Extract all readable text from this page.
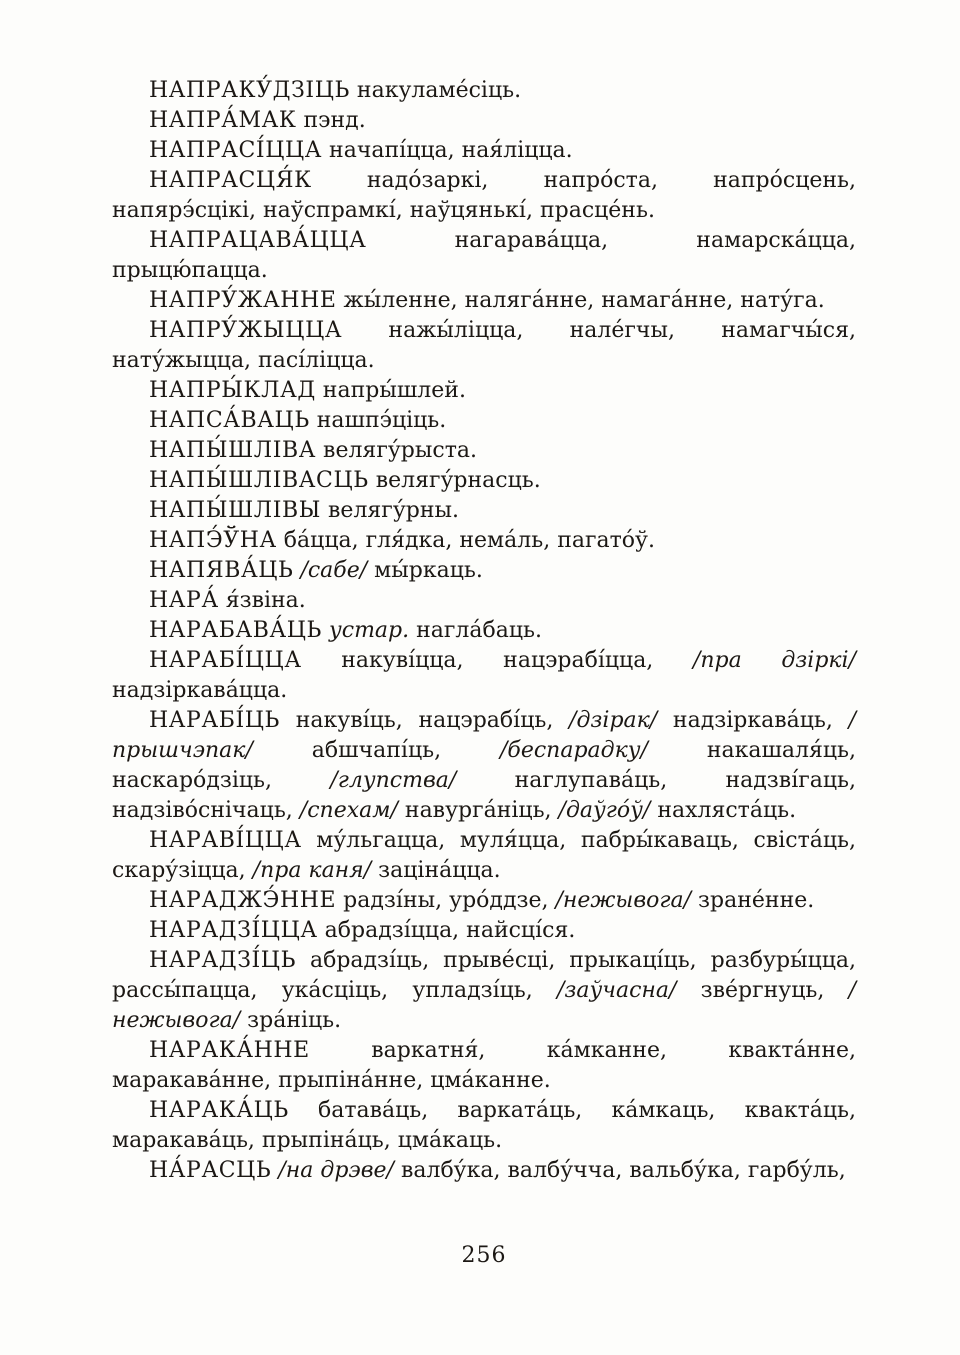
НАПРАКУ́ДЗІЦЬ накуламе́сіць.

НАПРА́МАК пэнд.

НАПРАСІ́ЦЦА начапі́цца, ная́ліцца.

НАПРАСЦЯ́К надо́заркі, напро́ста, напро́сцень, напярэ́сцікі, наўспрамкі́, наўцянькі́, прасце́нь.

НАПРАЦАВА́ЦЦА нагарава́цца, намарска́цца, прыцю́пацца.

НАПРУ́ЖАННЕ жы́ленне, наляга́нне, намага́нне, нату́га.

НАПРУ́ЖЫЦЦА нажы́ліцца, нале́гчы, намагчы́ся, нату́жыцца, пасі́ліцца.

НАПРЫ́КЛАД напры́шлей.

НАПСА́ВАЦЬ нашпэ́ціць.

НАПЫ́ШЛІВА велягу́рыста.

НАПЫ́ШЛІВАСЦЬ велягу́рнасць.

НАПЫ́ШЛІВЫ велягу́рны.

НАПЭ́ЎНА ба́цца, гля́дка, нема́ль, пагато́ў.

НАПЯВА́ЦЬ /сабе/ мы́ркаць.

НАРА́ я́звіна.

НАРАБАВА́ЦЬ устар. нагла́баць.

НАРАБІ́ЦЦА накуві́цца, нацэрабі́цца, /пра дзіркі/ надзіркава́цца.

НАРАБІ́ЦЬ накуві́ць, нацэрабі́ць, /дзірак/ надзіркава́ць, /прышчэпак/ абшчапі́ць, /беспарадку/ накашаля́ць, наскаро́дзіць, /глупства/ наглупава́ць, надзві́гаць, надзіво́снічаць, /спехам/ навурга́ніць, /даўго́ў/ нахляста́ць.

НАРАВІ́ЦЦА му́льгацца, муля́цца, пабры́каваць, свіста́ць, скару́зіцца, /пра каня/ заціна́цца.

НАРАДЖЭ́ННЕ радзі́ны, уро́ддзе, /нежывога/ зране́нне.

НАРАДЗІ́ЦЦА абрадзі́цца, найсці́ся.

НАРАДЗІ́ЦЬ абрадзі́ць, прыве́сці, прыкаці́ць, разбуры́цца, рассы́пацца, ука́сціць, упладзі́ць, /заўчасна/ зве́ргнуць, /нежывога/ зра́ніць.

НАРАКА́ННЕ варкатня́, ка́мканне, квакта́нне, маракава́нне, прыпіна́нне, цма́канне.

НАРАКА́ЦЬ батава́ць, варката́ць, ка́мкаць, квакта́ць, маракава́ць, прыпіна́ць, цма́каць.

НА́РАСЦЬ /на дрэве/ валбу́ка, валбу́чча, вальбу́ка, гарбу́ль,

256
